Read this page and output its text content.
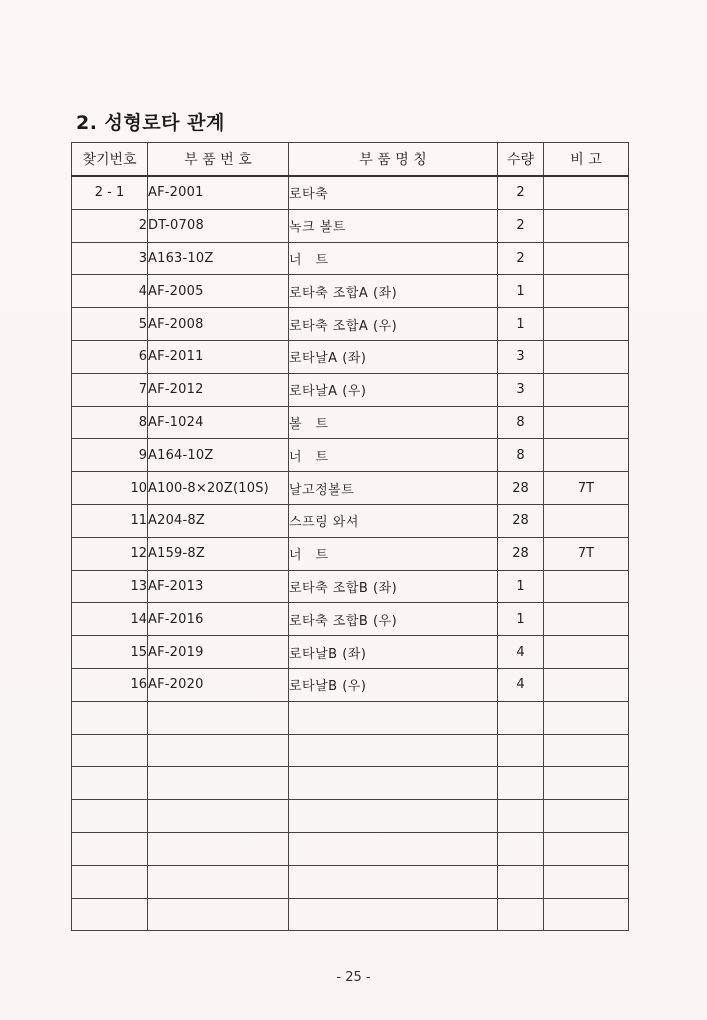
2. 성형로타 관계
찾기번호	부 품 번 호	부 품 명 칭	수량	비 고
2 - 1	AF-2001	로타축	2	
2	DT-0708	녹크 볼트	2	
3	A163-10Z	너　트	2	
4	AF-2005	로타축 조합A (좌)	1	
5	AF-2008	로타축 조합A (우)	1	
6	AF-2011	로타날A (좌)	3	
7	AF-2012	로타날A (우)	3	
8	AF-1024	볼　트	8	
9	A164-10Z	너　트	8	
10	A100-8×20Z(10S)	날고정볼트	28	7T
11	A204-8Z	스프링 와셔	28	
12	A159-8Z	너　트	28	7T
13	AF-2013	로타축 조합B (좌)	1	
14	AF-2016	로타축 조합B (우)	1	
15	AF-2019	로타날B (좌)	4	
16	AF-2020	로타날B (우)	4	

- 25 -
